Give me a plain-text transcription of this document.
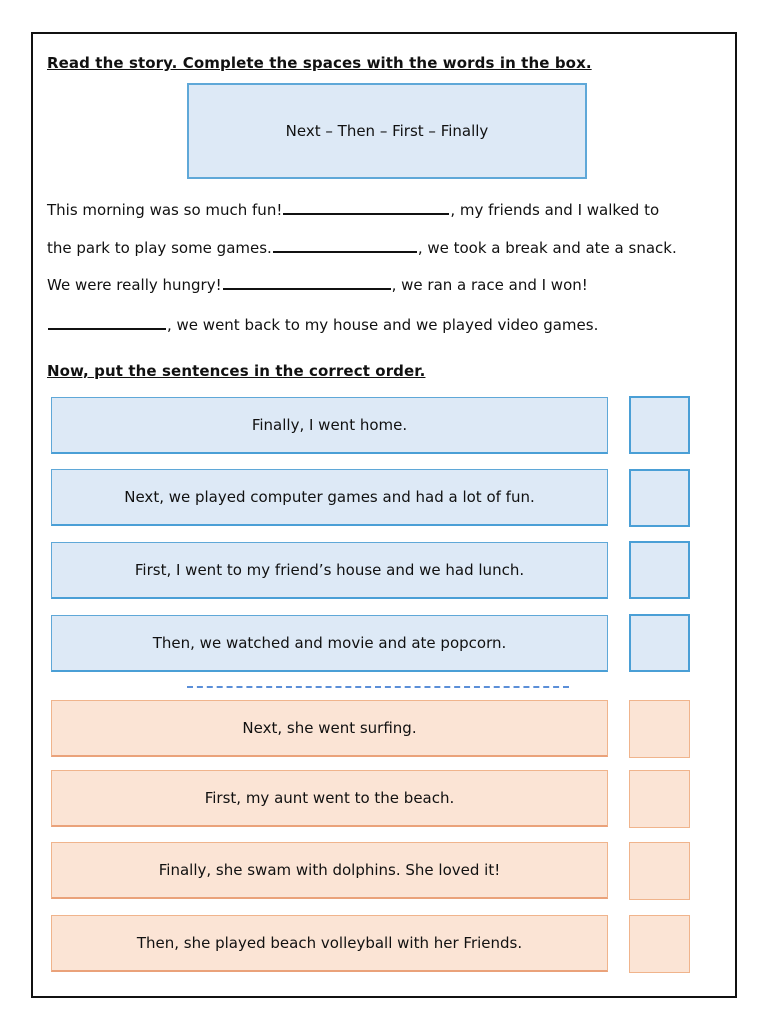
Read the story. Complete the spaces with the words in the box.
Next – Then – First – Finally
This morning was so much fun!	, my friends and I walked to
the park to play some games.	, we took a break and ate a snack.
We were really hungry!	, we ran a race and I won!
, we went back to my house and we played video games.
Now, put the sentences in the correct order.
Finally, I went home.
Next, we played computer games and had a lot of fun.
First, I went to my friend’s house and we had lunch.
Then, we watched and movie and ate popcorn.
Next, she went surfing.
First, my aunt went to the beach.
Finally, she swam with dolphins. She loved it!
Then, she played beach volleyball with her Friends.
